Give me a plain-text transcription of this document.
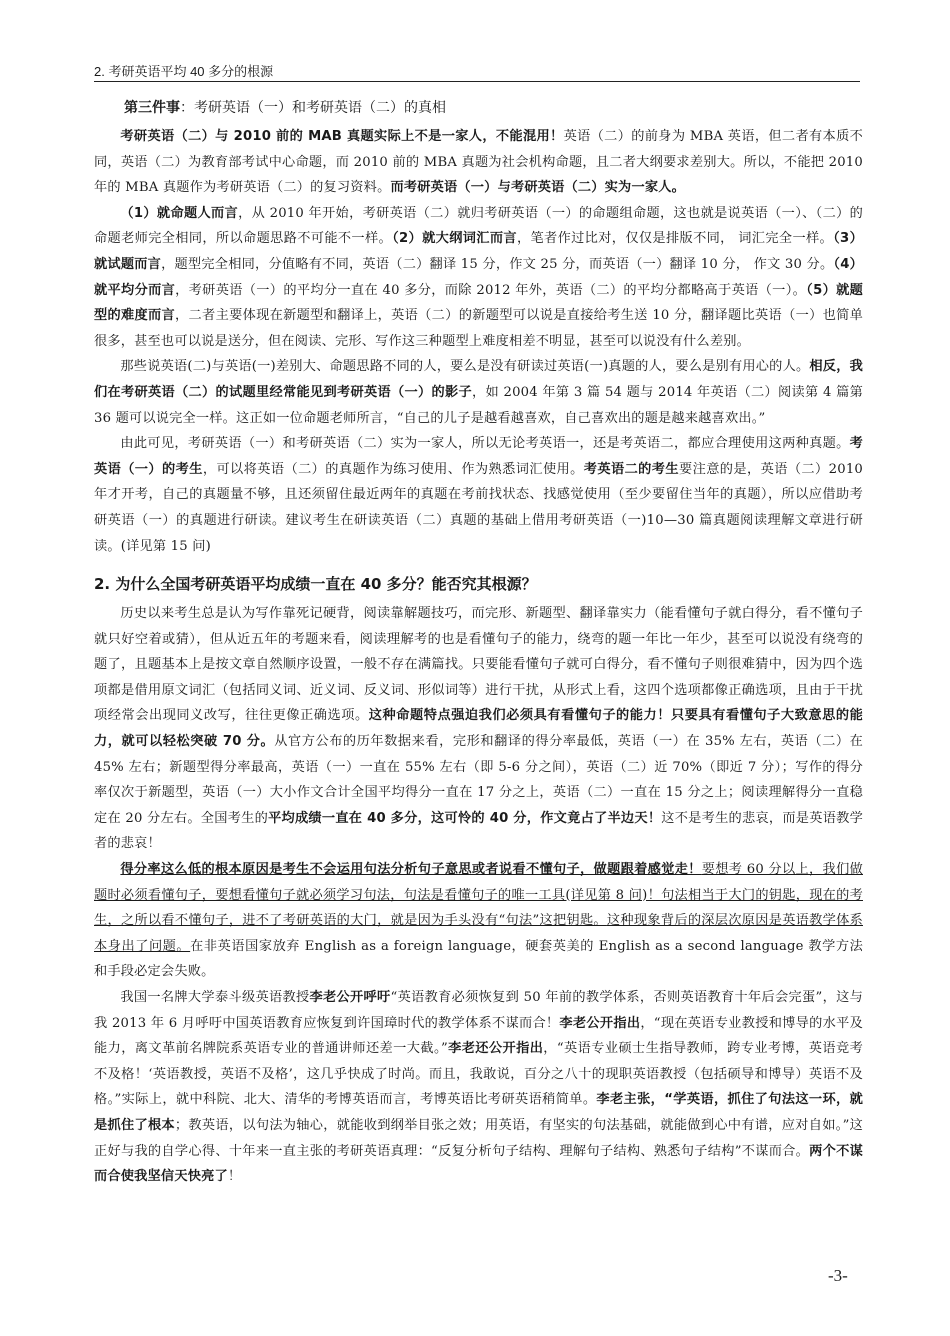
2. 考研英语平均 40 多分的根源
第三件事：考研英语（一）和考研英语（二）的真相

考研英语（二）与 2010 前的 MAB 真题实际上不是一家人，不能混用！英语（二）的前身为 MBA 英语，但二者有本质不同，英语（二）为教育部考试中心命题，而 2010 前的 MBA 真题为社会机构命题，且二者大纲要求差别大。所以，不能把 2010 年的 MBA 真题作为考研英语（二）的复习资料。而考研英语（一）与考研英语（二）实为一家人。

（1）就命题人而言，从 2010 年开始，考研英语（二）就归考研英语（一）的命题组命题，这也就是说英语（一）、（二）的命题老师完全相同，所以命题思路不可能不一样。（2）就大纲词汇而言，笔者作过比对，仅仅是排版不同， 词汇完全一样。（3）就试题而言，题型完全相同，分值略有不同，英语（二）翻译 15 分，作文 25 分，而英语（一）翻译 10 分， 作文 30 分。（4） 就平均分而言，考研英语（一）的平均分一直在 40 多分，而除 2012 年外，英语（二）的平均分都略高于英语（一）。（5）就题型的难度而言，二者主要体现在新题型和翻译上，英语（二）的新题型可以说是直接给考生送 10 分，翻译题比英语（一）也简单很多，甚至也可以说是送分，但在阅读、完形、写作这三种题型上难度相差不明显，甚至可以说没有什么差别。

那些说英语(二)与英语(一)差别大、命题思路不同的人，要么是没有研读过英语(一)真题的人，要么是别有用心的人。相反，我们在考研英语（二）的试题里经常能见到考研英语（一）的影子，如 2004 年第 3 篇 54 题与 2014 年英语（二）阅读第 4 篇第 36 题可以说完全一样。这正如一位命题老师所言，“自己的儿子是越看越喜欢，自己喜欢出的题是越来越喜欢出。”

由此可见，考研英语（一）和考研英语（二）实为一家人，所以无论考英语一，还是考英语二，都应合理使用这两种真题。考英语（一）的考生，可以将英语（二）的真题作为练习使用、作为熟悉词汇使用。考英语二的考生要注意的是，英语（二）2010 年才开考，自己的真题量不够，且还须留住最近两年的真题在考前找状态、找感觉使用（至少要留住当年的真题），所以应借助考研英语（一）的真题进行研读。建议考生在研读英语（二）真题的基础上借用考研英语（一)10—30 篇真题阅读理解文章进行研读。(详见第 15 问)

2. 为什么全国考研英语平均成绩一直在 40 多分？能否究其根源？

历史以来考生总是认为写作靠死记硬背，阅读靠解题技巧，而完形、新题型、翻译靠实力（能看懂句子就白得分，看不懂句子就只好空着或猜），但从近五年的考题来看，阅读理解考的也是看懂句子的能力，绕弯的题一年比一年少，甚至可以说没有绕弯的题了，且题基本上是按文章自然顺序设置，一般不存在满篇找。只要能看懂句子就可白得分，看不懂句子则很难猜中，因为四个选项都是借用原文词汇（包括同义词、近义词、反义词、形似词等）进行干扰，从形式上看，这四个选项都像正确选项，且由于干扰项经常会出现同义改写，往往更像正确选项。这种命题特点强迫我们必须具有看懂句子的能力！只要具有看懂句子大致意思的能力，就可以轻松突破 70 分。从官方公布的历年数据来看，完形和翻译的得分率最低，英语（一）在 35% 左右，英语（二）在 45% 左右；新题型得分率最高，英语（一）一直在 55% 左右（即 5-6 分之间），英语（二）近 70%（即近 7 分）；写作的得分率仅次于新题型，英语（一）大小作文合计全国平均得分一直在 17 分之上，英语（二）一直在 15 分之上；阅读理解得分一直稳定在 20 分左右。全国考生的平均成绩一直在 40 多分，这可怜的 40 分，作文竟占了半边天！这不是考生的悲哀，而是英语教学者的悲哀！

得分率这么低的根本原因是考生不会运用句法分析句子意思或者说看不懂句子，做题跟着感觉走！要想考 60 分以上，我们做题时必须看懂句子，要想看懂句子就必须学习句法，句法是看懂句子的唯一工具(详见第 8 问)！句法相当于大门的钥匙，现在的考生，之所以看不懂句子，进不了考研英语的大门，就是因为手头没有“句法”这把钥匙。这种现象背后的深层次原因是英语教学体系本身出了问题。在非英语国家放弃 English as a foreign language，硬套英美的 English as a second language 教学方法和手段必定会失败。

我国一名牌大学泰斗级英语教授李老公开呼吁“英语教育必须恢复到 50 年前的教学体系，否则英语教育十年后会完蛋”，这与我 2013 年 6 月呼吁中国英语教育应恢复到许国璋时代的教学体系不谋而合！李老公开指出，“现在英语专业教授和博导的水平及能力，离文革前名牌院系英语专业的普通讲师还差一大截。”李老还公开指出，“英语专业硕士生指导教师，跨专业考博，英语竞考不及格！‘英语教授，英语不及格’，这几乎快成了时尚。而且，我敢说，百分之八十的现职英语教授（包括硕导和博导）英语不及格。”实际上，就中科院、北大、清华的考博英语而言，考博英语比考研英语稍简单。李老主张，“学英语，抓住了句法这一环，就是抓住了根本；教英语，以句法为轴心，就能收到纲举目张之效；用英语，有坚实的句法基础，就能做到心中有谱，应对自如。”这正好与我的自学心得、十年来一直主张的考研英语真理：“反复分析句子结构、理解句子结构、熟悉句子结构”不谋而合。两个不谋而合使我坚信天快亮了！

-3-
